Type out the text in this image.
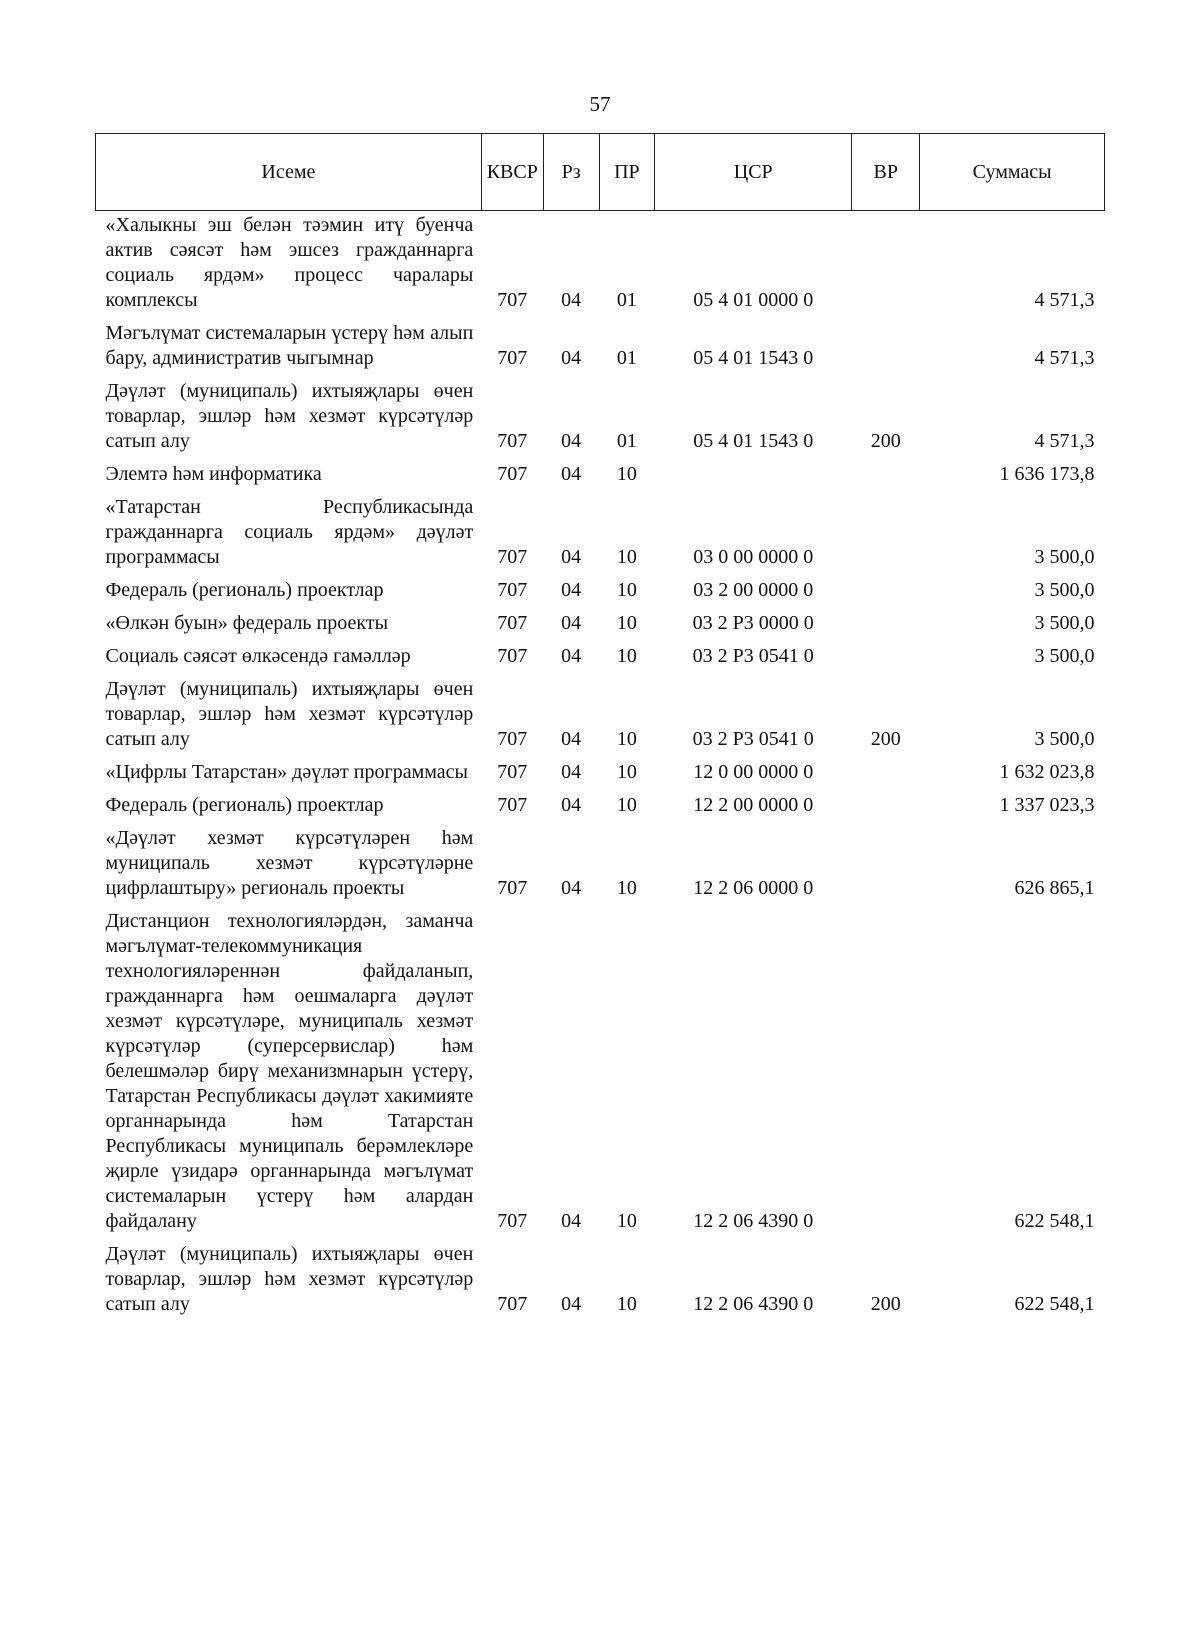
57
Исеме	КВСР	Рз	ПР	ЦСР	ВР	Суммасы
«Халыкны эш белән тәэмин итү буенча актив сәясәт һәм эшсез гражданнарга социаль ярдәм» процесс чаралары комплексы	707	04	01	05 4 01 0000 0		4 571,3
Мәгълүмат системаларын үстерү һәм алып бару, административ чыгымнар	707	04	01	05 4 01 1543 0		4 571,3
Дәүләт (муниципаль) ихтыяҗлары өчен товарлар, эшләр һәм хезмәт күрсәтүләр сатып алу	707	04	01	05 4 01 1543 0	200	4 571,3
Элемтә һәм информатика	707	04	10			1 636 173,8
«Татарстан Республикасында гражданнарга социаль ярдәм» дәүләт программасы	707	04	10	03 0 00 0000 0		3 500,0
Федераль (региональ) проектлар	707	04	10	03 2 00 0000 0		3 500,0
«Өлкән буын» федераль проекты	707	04	10	03 2 P3 0000 0		3 500,0
Социаль сәясәт өлкәсендә гамәлләр	707	04	10	03 2 P3 0541 0		3 500,0
Дәүләт (муниципаль) ихтыяҗлары өчен товарлар, эшләр һәм хезмәт күрсәтүләр сатып алу	707	04	10	03 2 P3 0541 0	200	3 500,0
«Цифрлы Татарстан» дәүләт программасы	707	04	10	12 0 00 0000 0		1 632 023,8
Федераль (региональ) проектлар	707	04	10	12 2 00 0000 0		1 337 023,3
«Дәүләт хезмәт күрсәтүләрен һәм муниципаль хезмәт күрсәтүләрне цифрлаштыру» региональ проекты	707	04	10	12 2 06 0000 0		626 865,1
Дистанцион технологияләрдән, заманча мәгълүмат-телекоммуникация технологияләреннән файдаланып, гражданнарга һәм оешмаларга дәүләт хезмәт күрсәтүләре, муниципаль хезмәт күрсәтүләр (суперсервислар) һәм белешмәләр бирү механизмнарын үстерү, Татарстан Республикасы дәүләт хакимияте органнарында һәм Татарстан Республикасы муниципаль берәмлекләре җирле үзидарә органнарында мәгълүмат системаларын үстерү һәм алардан файдалану	707	04	10	12 2 06 4390 0		622 548,1
Дәүләт (муниципаль) ихтыяҗлары өчен товарлар, эшләр һәм хезмәт күрсәтүләр сатып алу	707	04	10	12 2 06 4390 0	200	622 548,1
